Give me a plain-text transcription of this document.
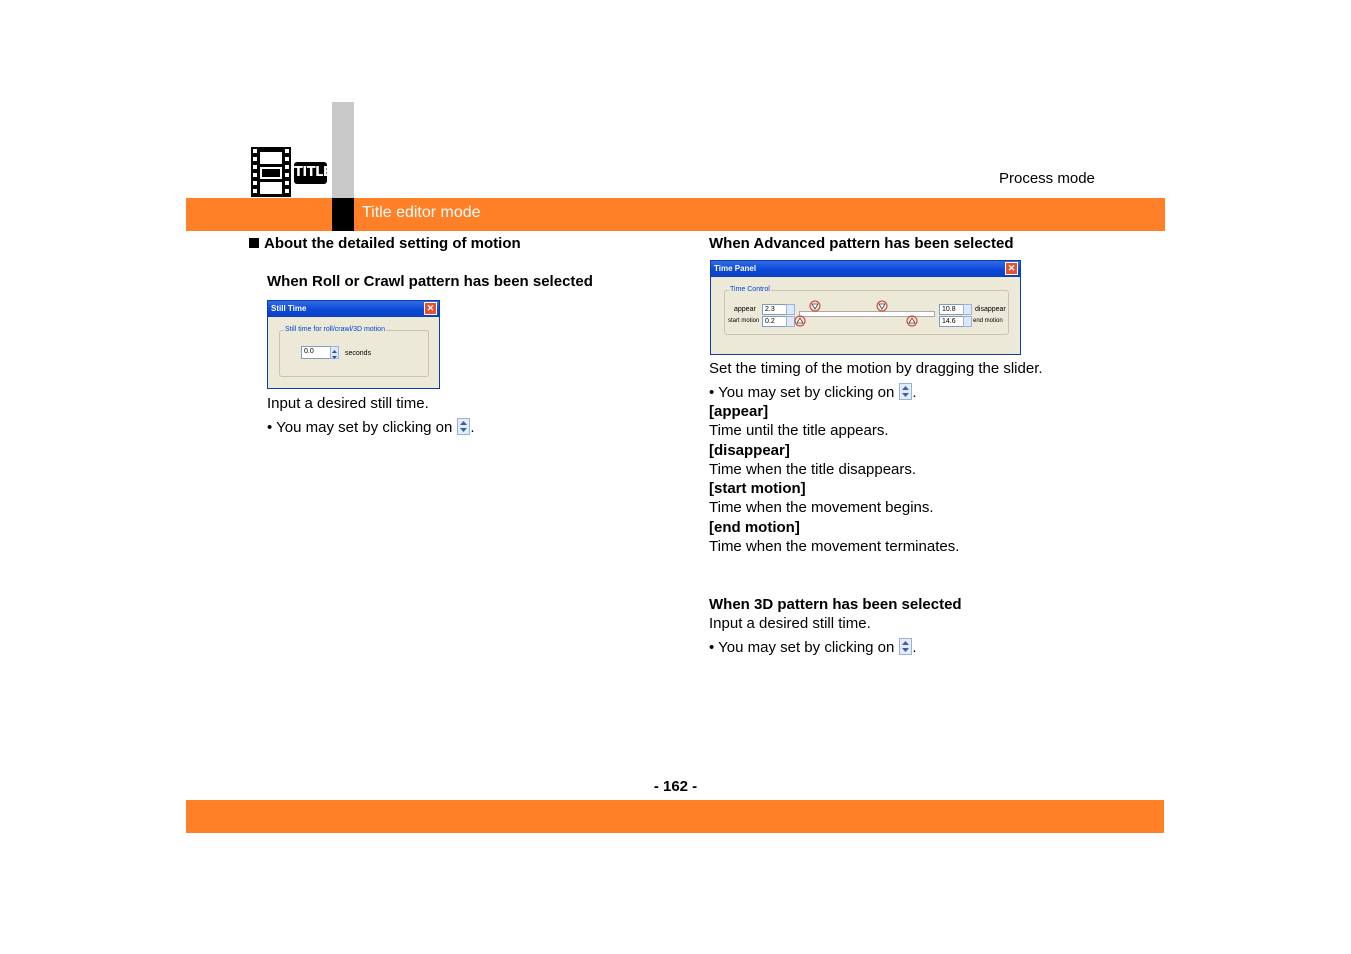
Title editor mode
Process mode
TITLE
About the detailed setting of motion
When Roll or Crawl pattern has been selected
Still Time	✕
Still time for roll/crawl/3D motion
0.0	seconds
Input a desired still time.
• You may set by clicking on .
When Advanced pattern has been selected
Time Panel	✕
Time Control
appear	2.3
start motion 0.2
10.8	disappear
14.6	end motion
Set the timing of the motion by dragging the slider.
• You may set by clicking on .
[appear]
Time until the title appears.
[disappear]
Time when the title disappears.
[start motion]
Time when the movement begins.
[end motion]
Time when the movement terminates.
When 3D pattern has been selected
Input a desired still time.
• You may set by clicking on .
- 162 -
